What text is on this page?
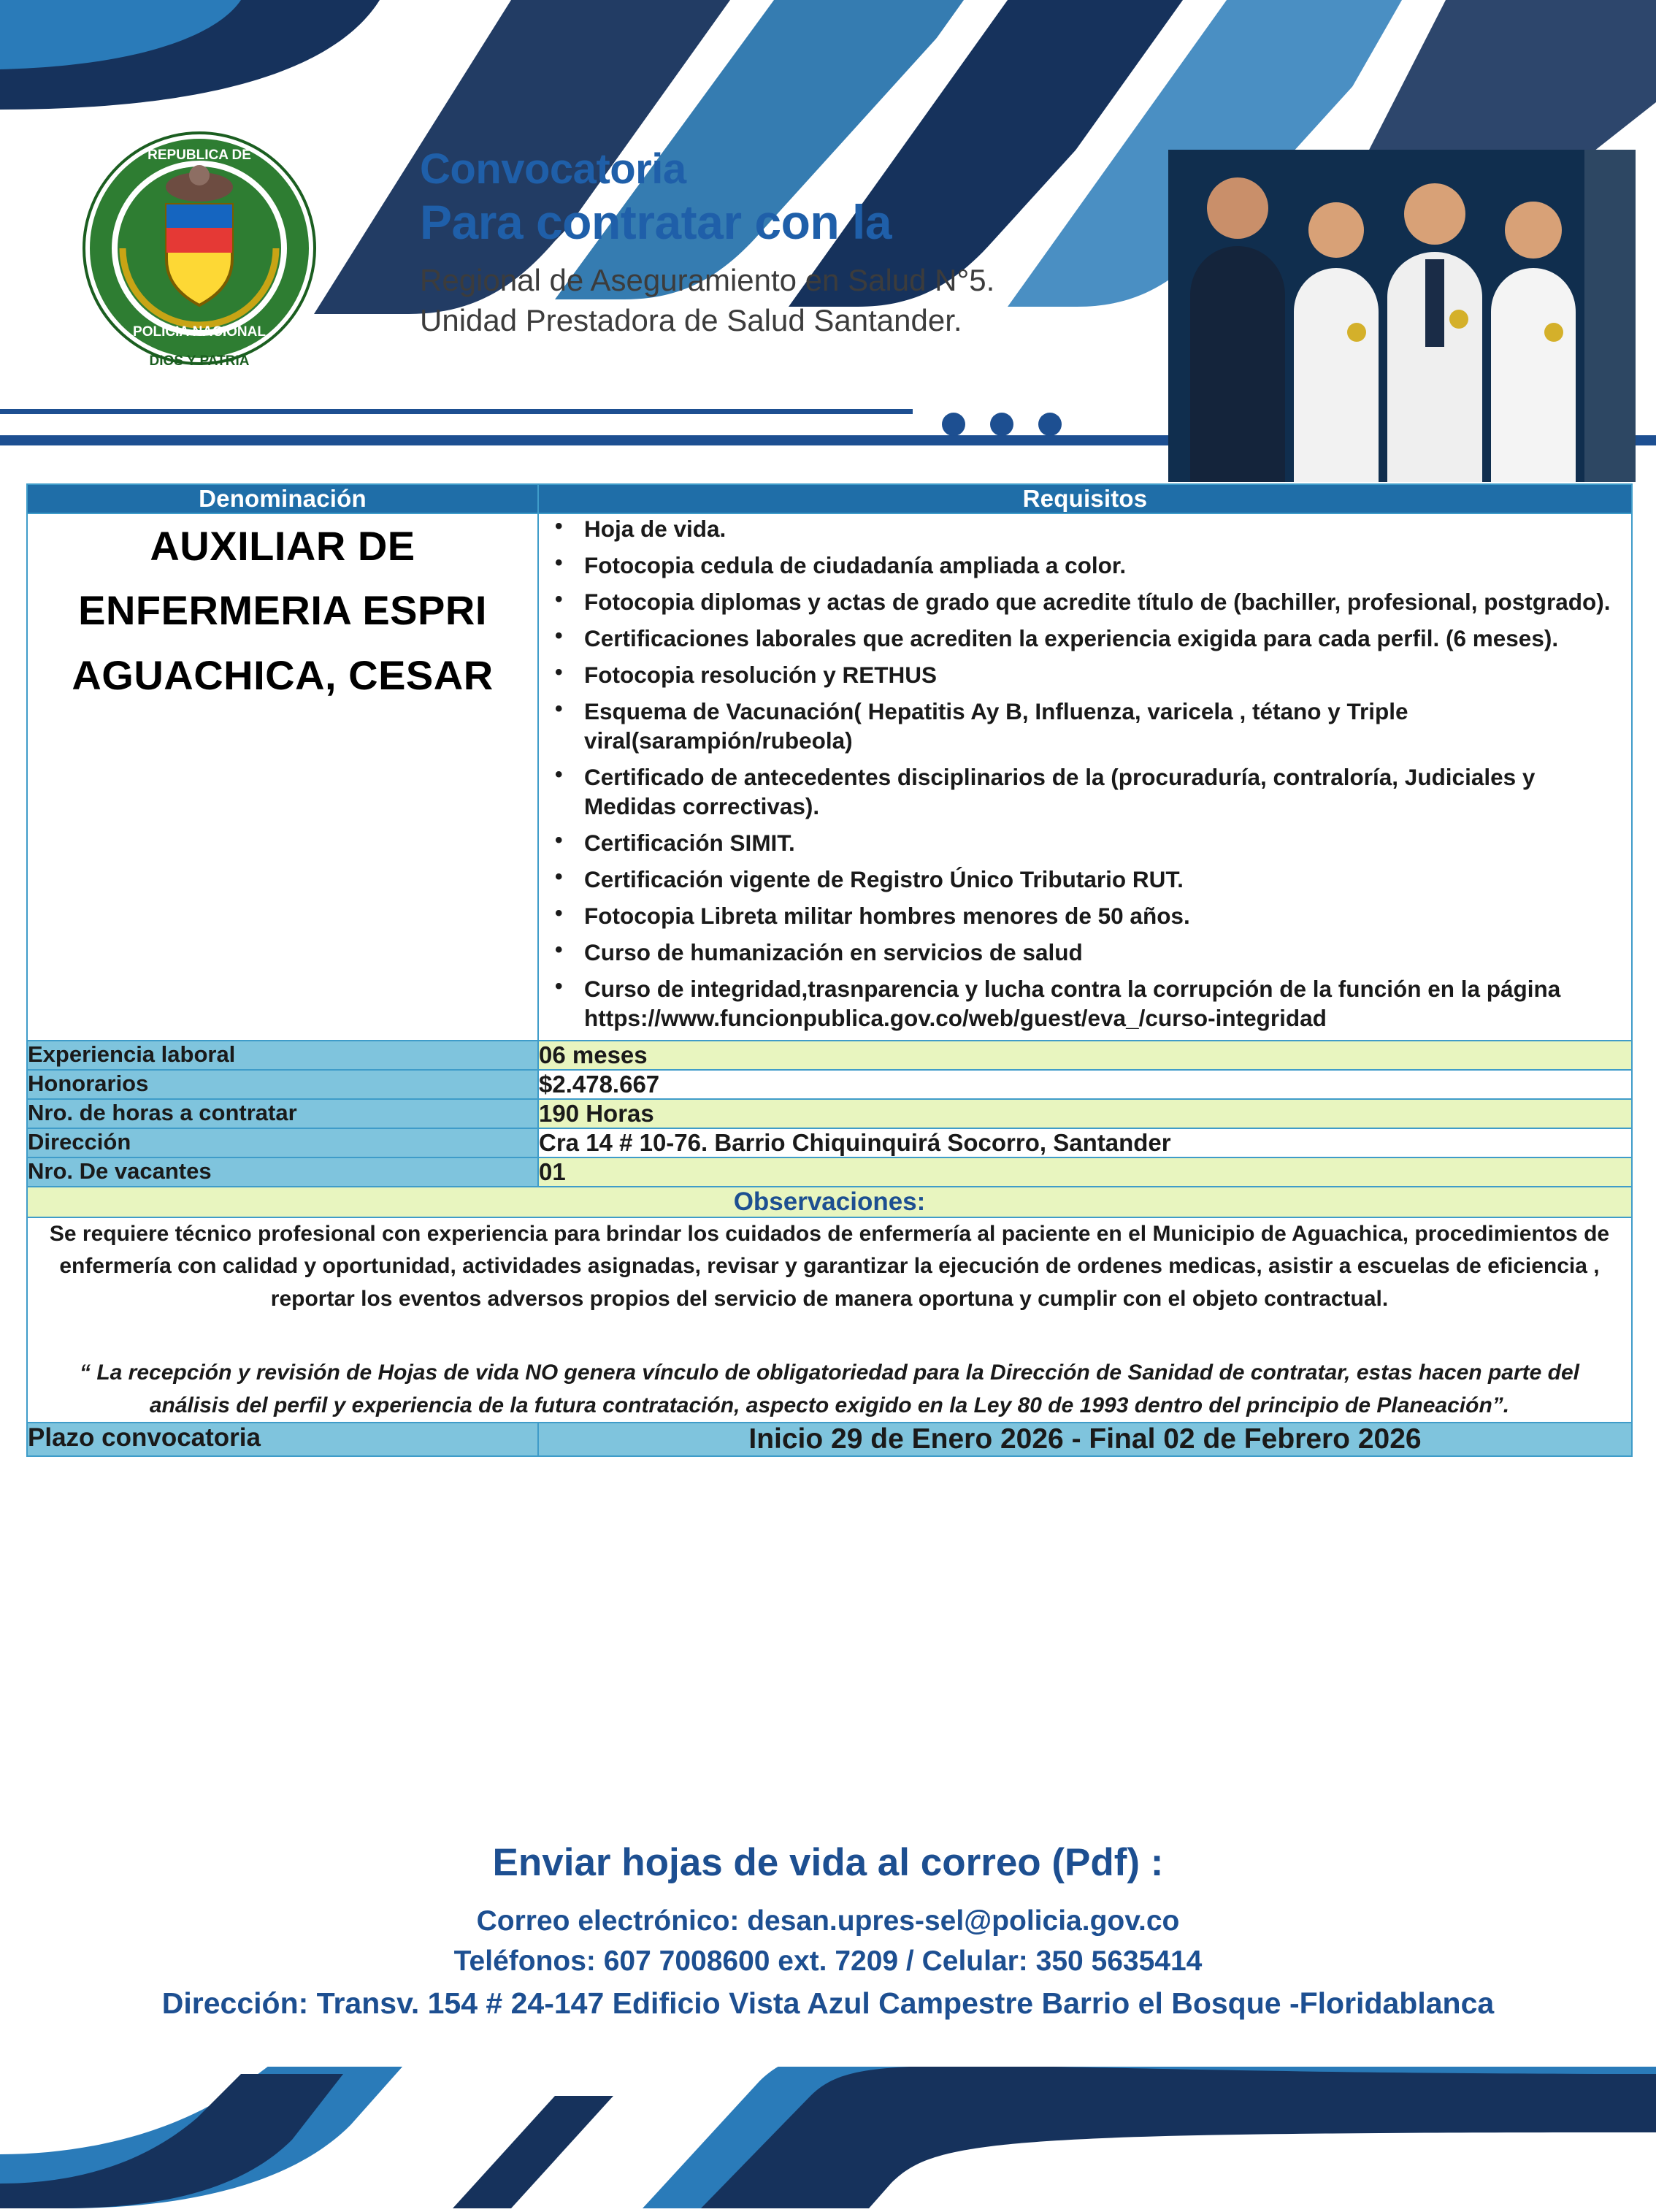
REPUBLICA DE
POLICIA NACIONAL
DIOS Y PATRIA
Convocatoria
Para contratar con la
Regional de Aseguramiento en Salud N°5.
Unidad Prestadora de Salud Santander.
Denominación	Requisitos

AUXILIAR DE ENFERMERIA ESPRI AGUACHICA, CESAR

• Hoja de vida.
• Fotocopia cedula de ciudadanía ampliada a color.
• Fotocopia diplomas y actas de grado que acredite título de (bachiller, profesional, postgrado).
• Certificaciones laborales que acrediten la experiencia exigida para cada perfil. (6 meses).
• Fotocopia resolución y RETHUS
• Esquema de Vacunación( Hepatitis Ay B, Influenza, varicela , tétano y Triple viral(sarampión/rubeola)
• Certificado de antecedentes disciplinarios de la (procuraduría, contraloría, Judiciales y Medidas correctivas).
• Certificación SIMIT.
• Certificación vigente de Registro Único Tributario RUT.
• Fotocopia Libreta militar hombres menores de 50 años.
• Curso de humanización en servicios de salud
• Curso de integridad,trasnparencia y lucha contra la corrupción de la función en la página https://www.funcionpublica.gov.co/web/guest/eva_/curso-integridad

Experiencia laboral	06 meses
Honorarios	$2.478.667
Nro. de horas a contratar	190 Horas
Dirección	Cra 14 # 10-76. Barrio Chiquinquirá Socorro, Santander
Nro. De vacantes	01
Observaciones:	

Se requiere técnico profesional con experiencia para brindar los cuidados de enfermería al paciente en el Municipio de Aguachica, procedimientos de enfermería con calidad y oportunidad, actividades asignadas, revisar y garantizar la ejecución de ordenes medicas, asistir a escuelas de eficiencia , reportar los eventos adversos propios del servicio de manera oportuna y cumplir con el objeto contractual.
“ La recepción y revisión de Hojas de vida NO genera vínculo de obligatoriedad para la Dirección de Sanidad de contratar, estas hacen parte del análisis del perfil y experiencia de la futura contratación, aspecto exigido en la Ley 80 de 1993 dentro del principio de Planeación”.	

Plazo convocatoria	Inicio 29 de Enero 2026 - Final 02 de Febrero 2026
Enviar hojas de vida al correo (Pdf) :
Correo electrónico: desan.upres-sel@policia.gov.co
Teléfonos: 607 7008600 ext. 7209 / Celular: 350 5635414
Dirección: Transv. 154 # 24-147 Edificio Vista Azul Campestre Barrio el Bosque -Floridablanca
